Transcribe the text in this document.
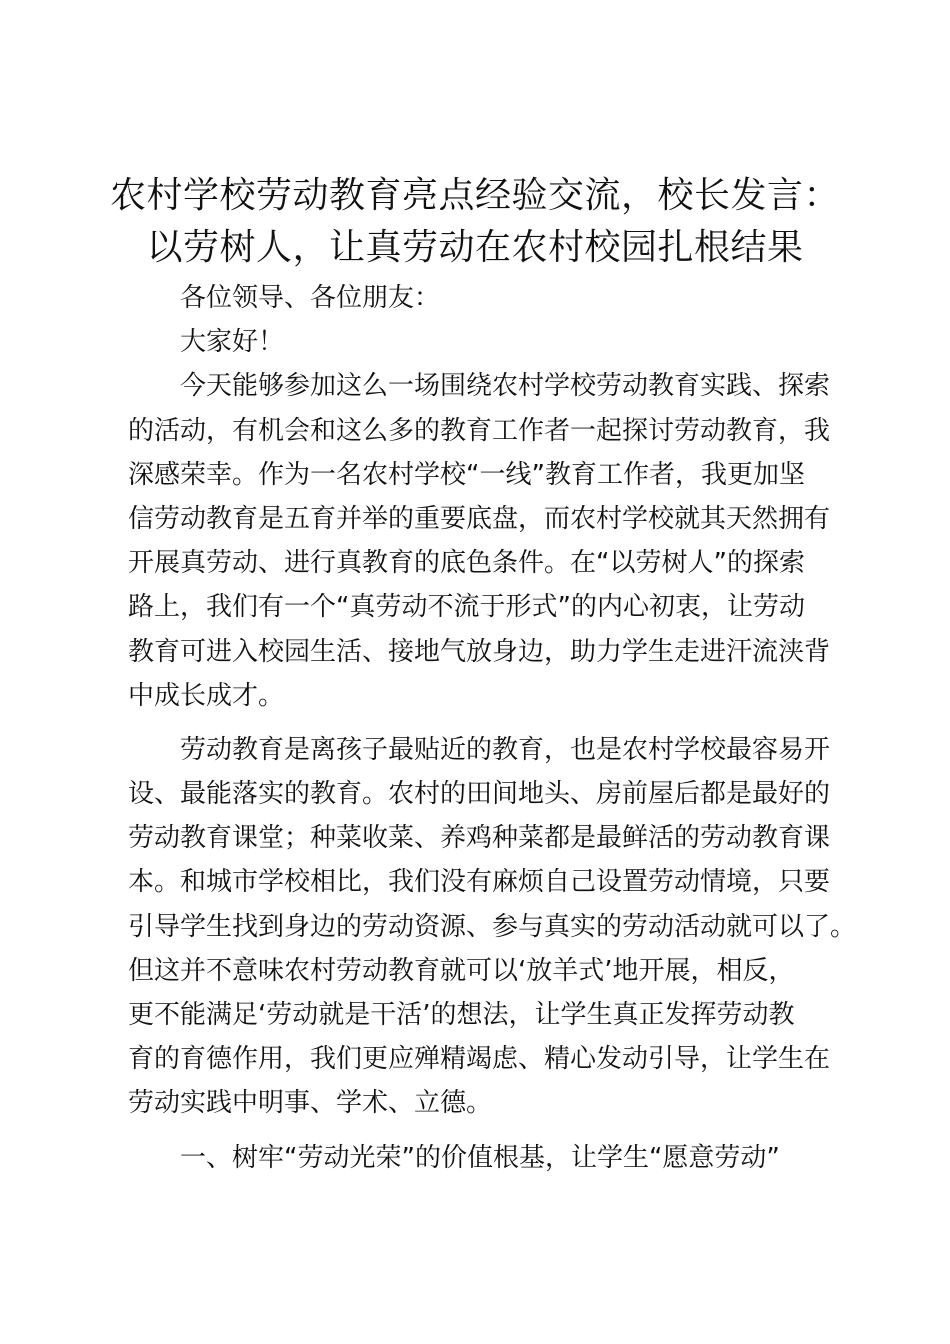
农村学校劳动教育亮点经验交流，校长发言：
以劳树人，让真劳动在农村校园扎根结果
各位领导、各位朋友：
大家好！
今天能够参加这么一场围绕农村学校劳动教育实践、探索
的活动，有机会和这么多的教育工作者一起探讨劳动教育，我
深感荣幸。作为一名农村学校“一线”教育工作者，我更加坚
信劳动教育是五育并举的重要底盘，而农村学校就其天然拥有
开展真劳动、进行真教育的底色条件。在“以劳树人”的探索
路上，我们有一个“真劳动不流于形式”的内心初衷，让劳动
教育可进入校园生活、接地气放身边，助力学生走进汗流浃背
中成长成才。
劳动教育是离孩子最贴近的教育，也是农村学校最容易开
设、最能落实的教育。农村的田间地头、房前屋后都是最好的
劳动教育课堂；种菜收菜、养鸡种菜都是最鲜活的劳动教育课
本。和城市学校相比，我们没有麻烦自己设置劳动情境，只要
引导学生找到身边的劳动资源、参与真实的劳动活动就可以了。
但这并不意味农村劳动教育就可以‘放羊式’地开展，相反，
更不能满足‘劳动就是干活’的想法，让学生真正发挥劳动教
育的育德作用，我们更应殚精竭虑、精心发动引导，让学生在
劳动实践中明事、学术、立德。
一、树牢“劳动光荣”的价值根基，让学生“愿意劳动”
